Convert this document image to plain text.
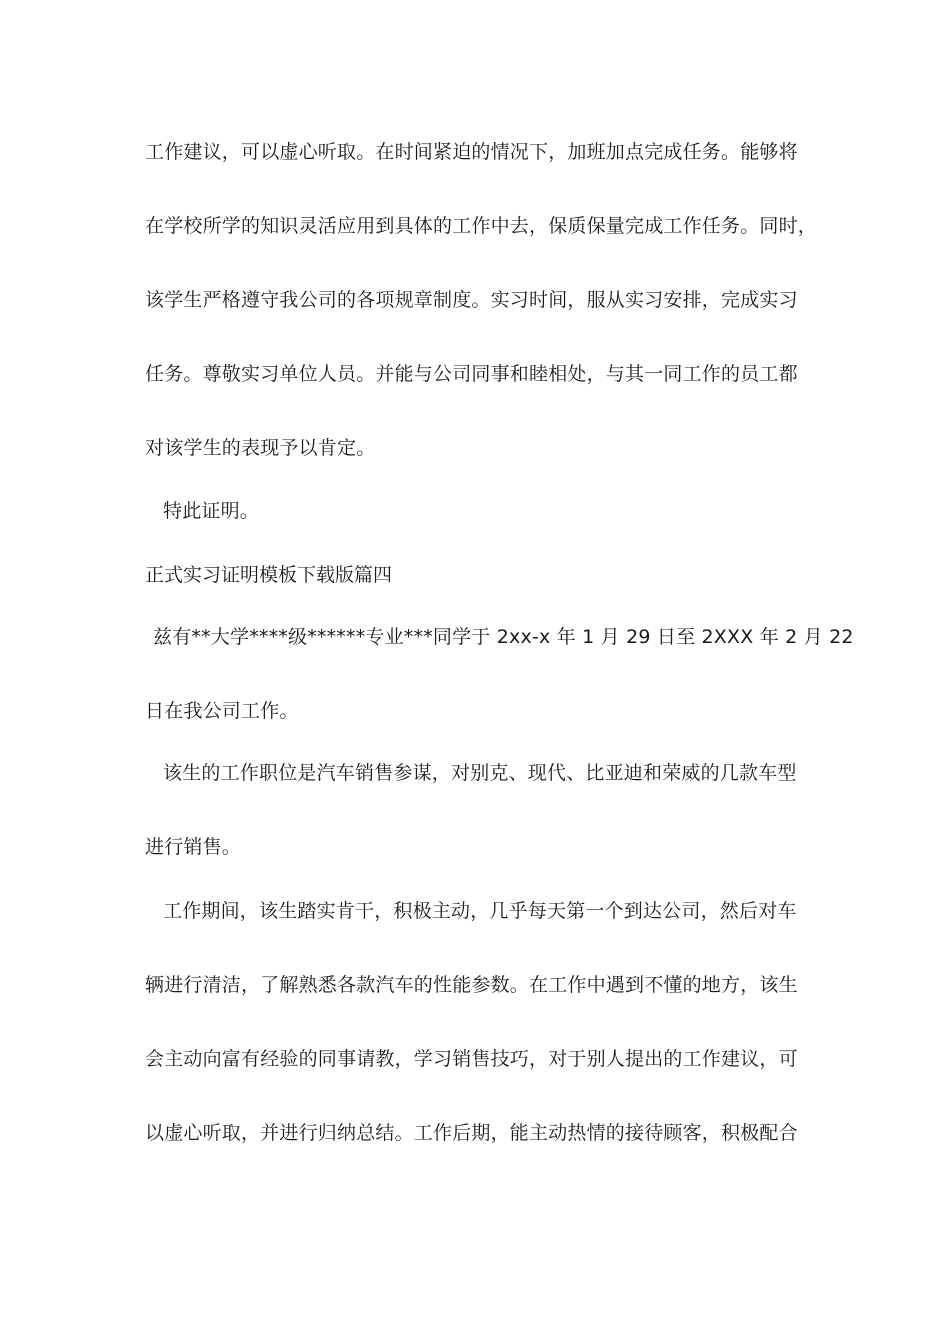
工作建议，可以虚心听取。在时间紧迫的情况下，加班加点完成任务。能够将
在学校所学的知识灵活应用到具体的工作中去，保质保量完成工作任务。同时，
该学生严格遵守我公司的各项规章制度。实习时间，服从实习安排，完成实习
任务。尊敬实习单位人员。并能与公司同事和睦相处，与其一同工作的员工都
对该学生的表现予以肯定。
特此证明。
正式实习证明模板下载版篇四
兹有**大学****级******专业***同学于 2xx-x 年 1 月 29 日至 2XXX 年 2 月 22
日在我公司工作。
该生的工作职位是汽车销售参谋，对别克、现代、比亚迪和荣威的几款车型
进行销售。
工作期间，该生踏实肯干，积极主动，几乎每天第一个到达公司，然后对车
辆进行清洁，了解熟悉各款汽车的性能参数。在工作中遇到不懂的地方，该生
会主动向富有经验的同事请教，学习销售技巧，对于别人提出的工作建议，可
以虚心听取，并进行归纳总结。工作后期，能主动热情的接待顾客，积极配合
